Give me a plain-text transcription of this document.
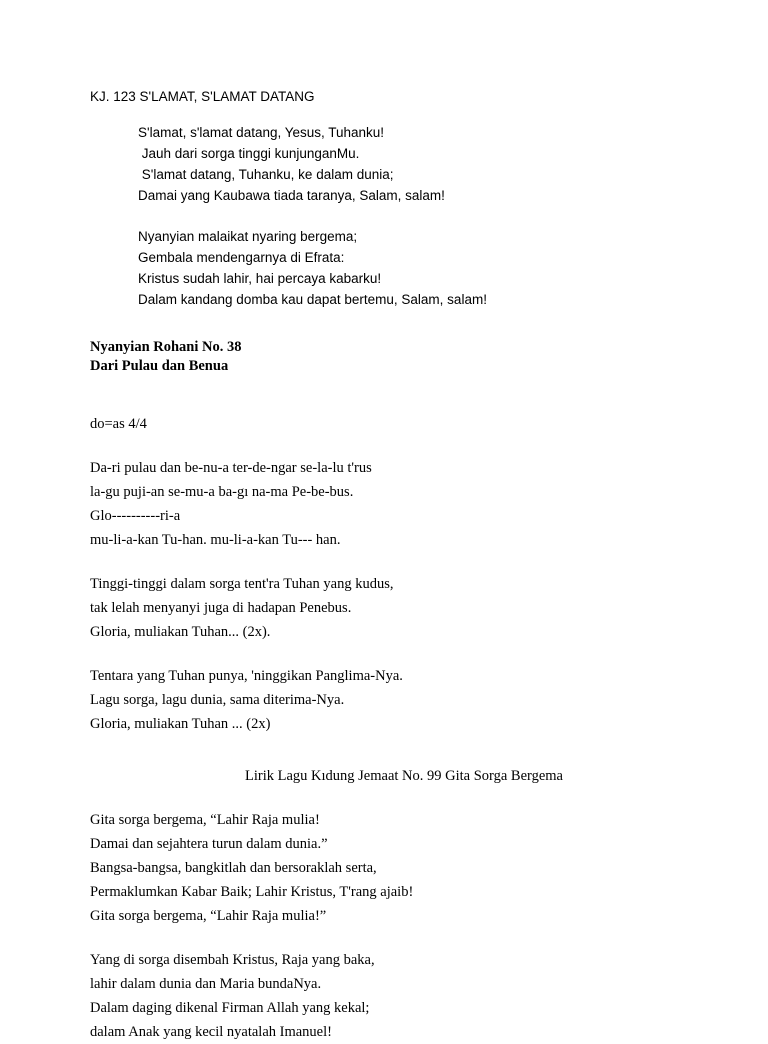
KJ. 123 S'LAMAT, S'LAMAT DATANG
S'lamat, s'lamat datang, Yesus, Tuhanku!
Jauh dari sorga tinggi kunjunganMu.
S'lamat datang, Tuhanku, ke dalam dunia;
Damai yang Kaubawa tiada taranya, Salam, salam!
Nyanyian malaikat nyaring bergema;
Gembala mendengarnya di Efrata:
Kristus sudah lahir, hai percaya kabarku!
Dalam kandang domba kau dapat bertemu, Salam, salam!
Nyanyian Rohani No. 38
Dari Pulau dan Benua
do=as 4/4
Da-ri pulau dan be-nu-a ter-de-ngar se-la-lu t'rus
la-gu puji-an se-mu-a ba-gı na-ma Pe-be-bus.
Glo----------ri-a
mu-li-a-kan Tu-han. mu-li-a-kan Tu--- han.
Tinggi-tinggi dalam sorga tent'ra Tuhan yang kudus,
tak lelah menyanyi juga di hadapan Penebus.
Gloria, muliakan Tuhan... (2x).
Tentara yang Tuhan punya, 'ninggikan Panglima-Nya.
Lagu sorga, lagu dunia, sama diterima-Nya.
Gloria, muliakan Tuhan ... (2x)
Lirik Lagu Kıdung Jemaat No. 99 Gita Sorga Bergema
Gita sorga bergema, “Lahir Raja mulia!
Damai dan sejahtera turun dalam dunia.”
Bangsa-bangsa, bangkitlah dan bersoraklah serta,
Permaklumkan Kabar Baik; Lahir Kristus, T'rang ajaib!
Gita sorga bergema, “Lahir Raja mulia!”
Yang di sorga disembah Kristus, Raja yang baka,
lahir dalam dunia dan Maria bundaNya.
Dalam daging dikenal Firman Allah yang kekal;
dalam Anak yang kecil nyatalah Imanuel!
